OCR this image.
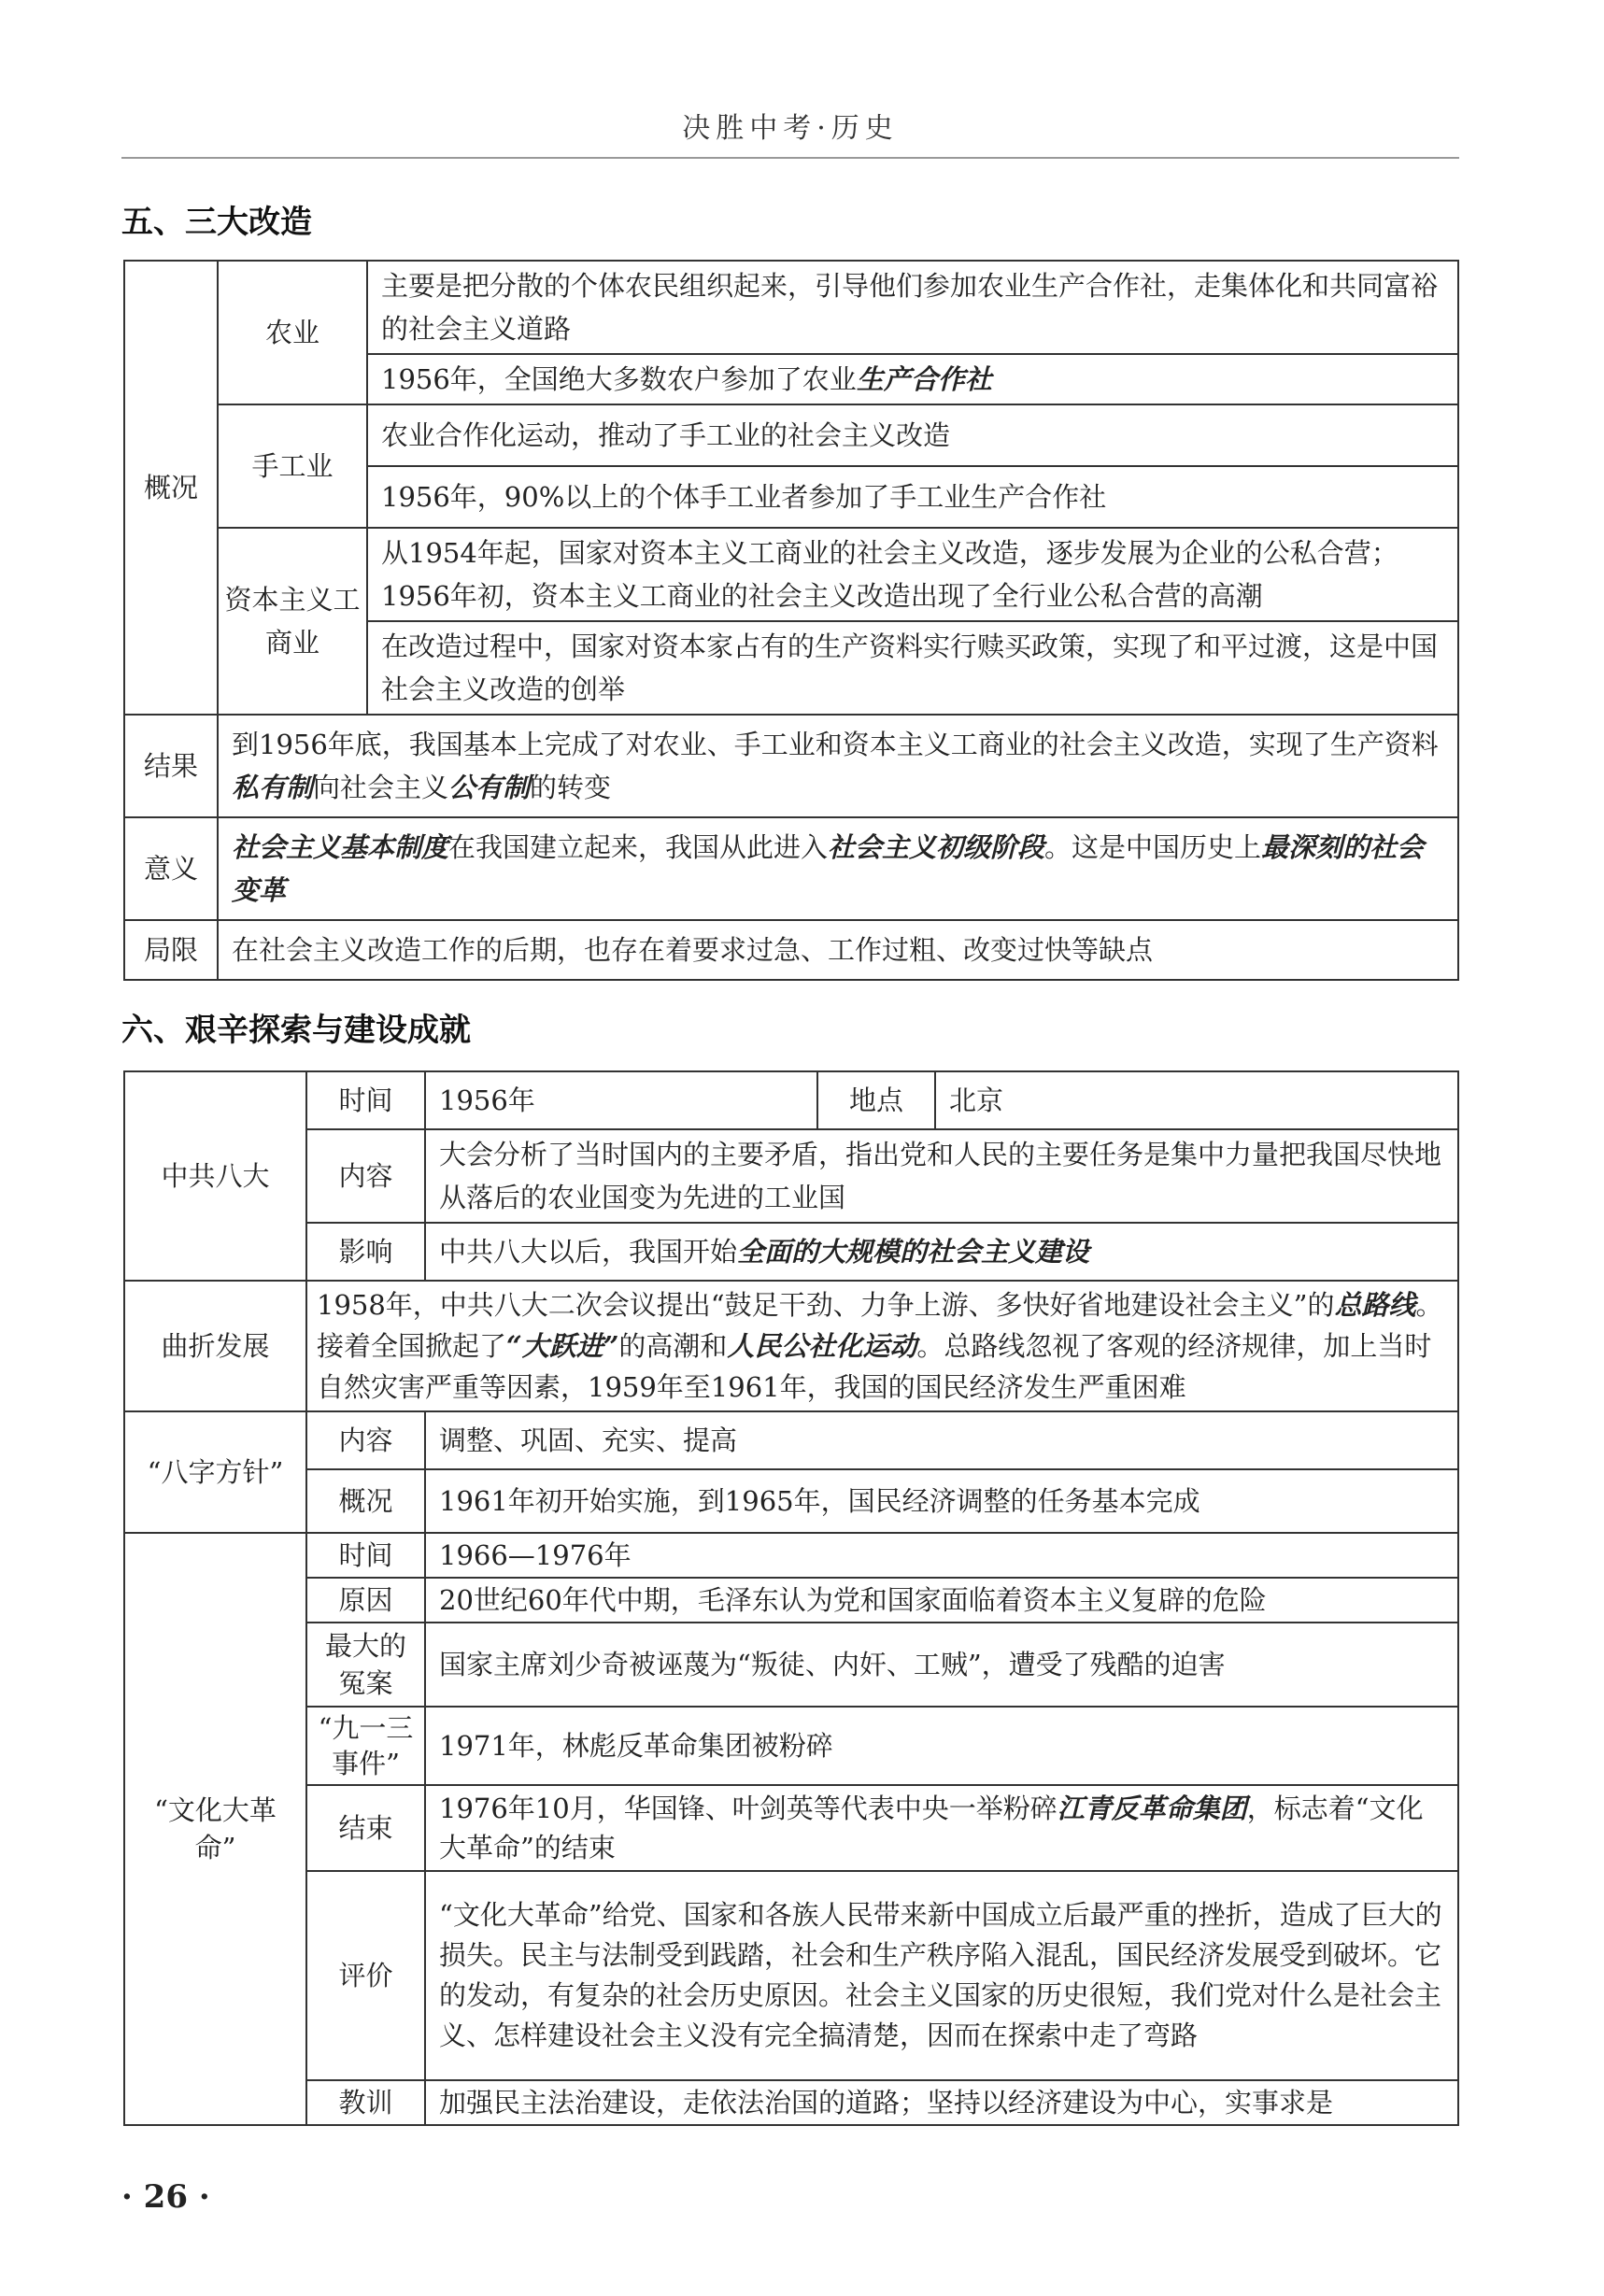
决胜中考·历史
五、三大改造
概况	农业	主要是把分散的个体农民组织起来，引导他们参加农业生产合作社，走集体化和共同富裕的社会主义道路
		1956年，全国绝大多数农户参加了农业生产合作社
	手工业	农业合作化运动，推动了手工业的社会主义改造
		1956年，90%以上的个体手工业者参加了手工业生产合作社
	资本主义工商业	从1954年起，国家对资本主义工商业的社会主义改造，逐步发展为企业的公私合营；1956年初，资本主义工商业的社会主义改造出现了全行业公私合营的高潮
		在改造过程中，国家对资本家占有的生产资料实行赎买政策，实现了和平过渡，这是中国社会主义改造的创举
结果	到1956年底，我国基本上完成了对农业、手工业和资本主义工商业的社会主义改造，实现了生产资料私有制向社会主义公有制的转变	
意义	社会主义基本制度在我国建立起来，我国从此进入社会主义初级阶段。这是中国历史上最深刻的社会变革	
局限	在社会主义改造工作的后期，也存在着要求过急、工作过粗、改变过快等缺点	
六、艰辛探索与建设成就
中共八大	时间	1956年	地点	北京
	内容	大会分析了当时国内的主要矛盾，指出党和人民的主要任务是集中力量把我国尽快地从落后的农业国变为先进的工业国		
	影响	中共八大以后，我国开始全面的大规模的社会主义建设		
曲折发展	1958年，中共八大二次会议提出“鼓足干劲、力争上游、多快好省地建设社会主义”的总路线。接着全国掀起了“大跃进”的高潮和人民公社化运动。总路线忽视了客观的经济规律，加上当时自然灾害严重等因素，1959年至1961年，我国的国民经济发生严重困难			
“八字方针”	内容	调整、巩固、充实、提高		
	概况	1961年初开始实施，到1965年，国民经济调整的任务基本完成		
“文化大革命”	时间	1966—1976年		
	原因	20世纪60年代中期，毛泽东认为党和国家面临着资本主义复辟的危险		
	最大的冤案	国家主席刘少奇被诬蔑为“叛徒、内奸、工贼”，遭受了残酷的迫害		
	“九一三事件”	1971年，林彪反革命集团被粉碎		
	结束	1976年10月，华国锋、叶剑英等代表中央一举粉碎江青反革命集团，标志着“文化大革命”的结束		
	评价	“文化大革命”给党、国家和各族人民带来新中国成立后最严重的挫折，造成了巨大的损失。民主与法制受到践踏，社会和生产秩序陷入混乱，国民经济发展受到破坏。它的发动，有复杂的社会历史原因。社会主义国家的历史很短，我们党对什么是社会主义、怎样建设社会主义没有完全搞清楚，因而在探索中走了弯路		
	教训	加强民主法治建设，走依法治国的道路；坚持以经济建设为中心，实事求是		
· 26 ·
